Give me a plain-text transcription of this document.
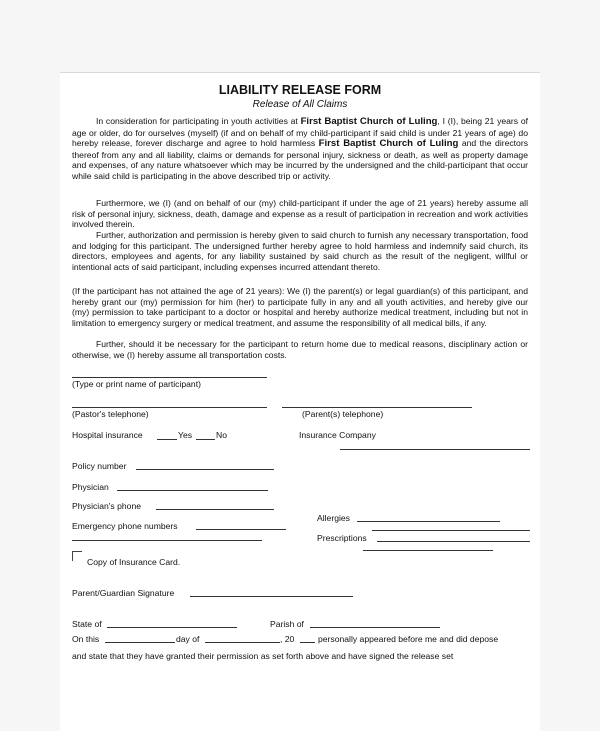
LIABILITY RELEASE FORM
Release of All Claims
In consideration for participating in youth activities at First Baptist Church of Luling, I (I), being 21 years of age or older, do for ourselves (myself) (if and on behalf of my child-participant if said child is under 21 years of age) do hereby release, forever discharge and agree to hold harmless First Baptist Church of Luling and the directors thereof from any and all liability, claims or demands for personal injury, sickness or death, as well as property damage and expenses, of any nature whatsoever which may be incurred by the undersigned and the child-participant that occur while said child is participating in the above described trip or activity.
Furthermore, we (I) (and on behalf of our (my) child-participant if under the age of 21 years) hereby assume all risk of personal injury, sickness, death, damage and expense as a result of participation in recreation and work activities involved therein.
Further, authorization and permission is hereby given to said church to furnish any necessary transportation, food and lodging for this participant. The undersigned further hereby agree to hold harmless and indemnify said church, its directors, employees and agents, for any liability sustained by said church as the result of the negligent, willful or intentional acts of said participant, including expenses incurred attendant thereto.
(If the participant has not attained the age of 21 years): We (I) the parent(s) or legal guardian(s) of this participant, and hereby grant our (my) permission for him (her) to participate fully in any and all youth activities, and hereby give our (my) permission to take participant to a doctor or hospital and hereby authorize medical treatment, including but not in limitation to emergency surgery or medical treatment, and assume the responsibility of all medical bills, if any.
Further, should it be necessary for the participant to return home due to medical reasons, disciplinary action or otherwise, we (I) hereby assume all transportation costs.
(Type or print name of participant)
(Pastor's telephone)	(Parent(s) telephone)
Hospital insurance	Yes	No	Insurance Company
Policy number
Physician
Physician's phone
Allergies
Emergency phone numbers
Prescriptions
Copy of Insurance Card.
Parent/Guardian Signature
State of	Parish of
On this	day of	, 20	personally appeared before me and did depose
and state that they have granted their permission as set forth above and have signed the release set
